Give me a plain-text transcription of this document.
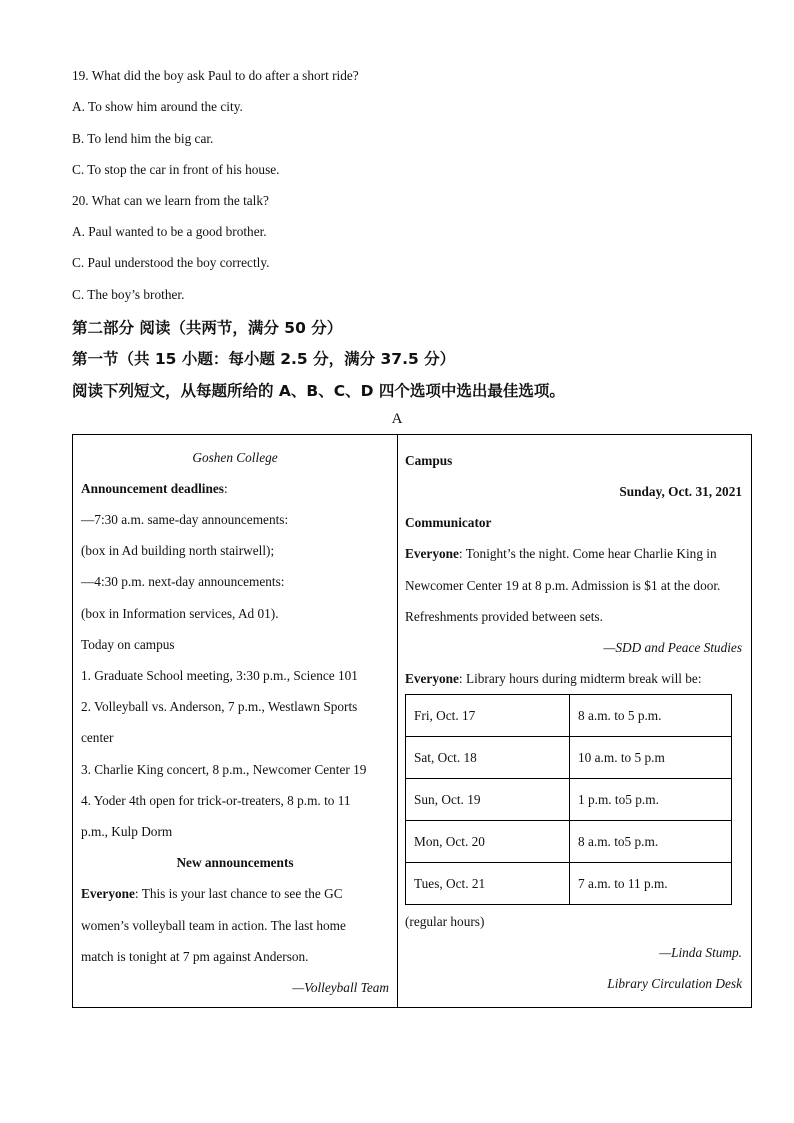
19. What did the boy ask Paul to do after a short ride?
A. To show him around the city.
B. To lend him the big car.
C. To stop the car in front of his house.
20. What can we learn from the talk?
A. Paul wanted to be a good brother.
C. Paul understood the boy correctly.
C. The boy’s brother.
第二部分 阅读（共两节，满分 50 分）
第一节（共 15 小题：每小题 2.5 分，满分 37.5 分）
阅读下列短文，从每题所给的 A、B、C、D 四个选项中选出最佳选项。
A
Goshen College
Announcement deadlines:
—7:30 a.m. same-day announcements:
(box in Ad building north stairwell);
—4:30 p.m. next-day announcements:
(box in Information services, Ad 01).
Today on campus
1. Graduate School meeting, 3:30 p.m., Science 101
2. Volleyball vs. Anderson, 7 p.m., Westlawn Sports
center
3. Charlie King concert, 8 p.m., Newcomer Center 19
4. Yoder 4th open for trick-or-treaters, 8 p.m. to 11
p.m., Kulp Dorm
New announcements
Everyone: This is your last chance to see the GC
women’s volleyball team in action. The last home
match is tonight at 7 pm against Anderson.
—Volleyball Team
Campus
Sunday, Oct. 31, 2021
Communicator
Everyone: Tonight’s the night. Come hear Charlie King in
Newcomer Center 19 at 8 p.m. Admission is $1 at the door.
Refreshments provided between sets.
—SDD and Peace Studies
Everyone: Library hours during midterm break will be:
Fri, Oct. 17	8 a.m. to 5 p.m.
Sat, Oct. 18	10 a.m. to 5 p.m
Sun, Oct. 19	1 p.m. to5 p.m.
Mon, Oct. 20	8 a.m. to5 p.m.
Tues, Oct. 21	7 a.m. to 11 p.m.
(regular hours)
—Linda Stump.
Library Circulation Desk
